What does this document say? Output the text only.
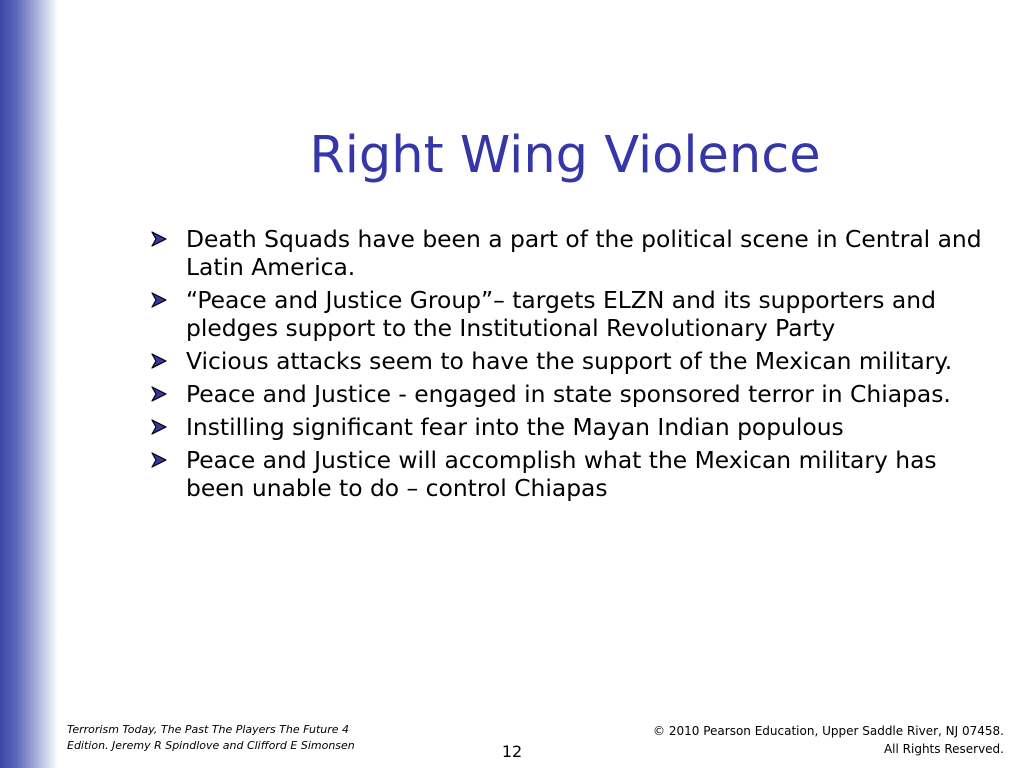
Right Wing Violence
Death Squads have been a part of the political scene in Central and Latin America.
“Peace and Justice Group”– targets ELZN and its supporters and pledges support to the Institutional Revolutionary Party
Vicious attacks seem to have the support of the Mexican military.
Peace and Justice - engaged in state sponsored terror in Chiapas.
Instilling significant fear into the Mayan Indian populous
Peace and Justice will accomplish what the Mexican military has been unable to do – control Chiapas
Terrorism Today, The Past The Players The Future 4
Edition. Jeremy R Spindlove and Clifford E Simonsen	12
© 2010 Pearson Education, Upper Saddle River, NJ 07458.
All Rights Reserved.
